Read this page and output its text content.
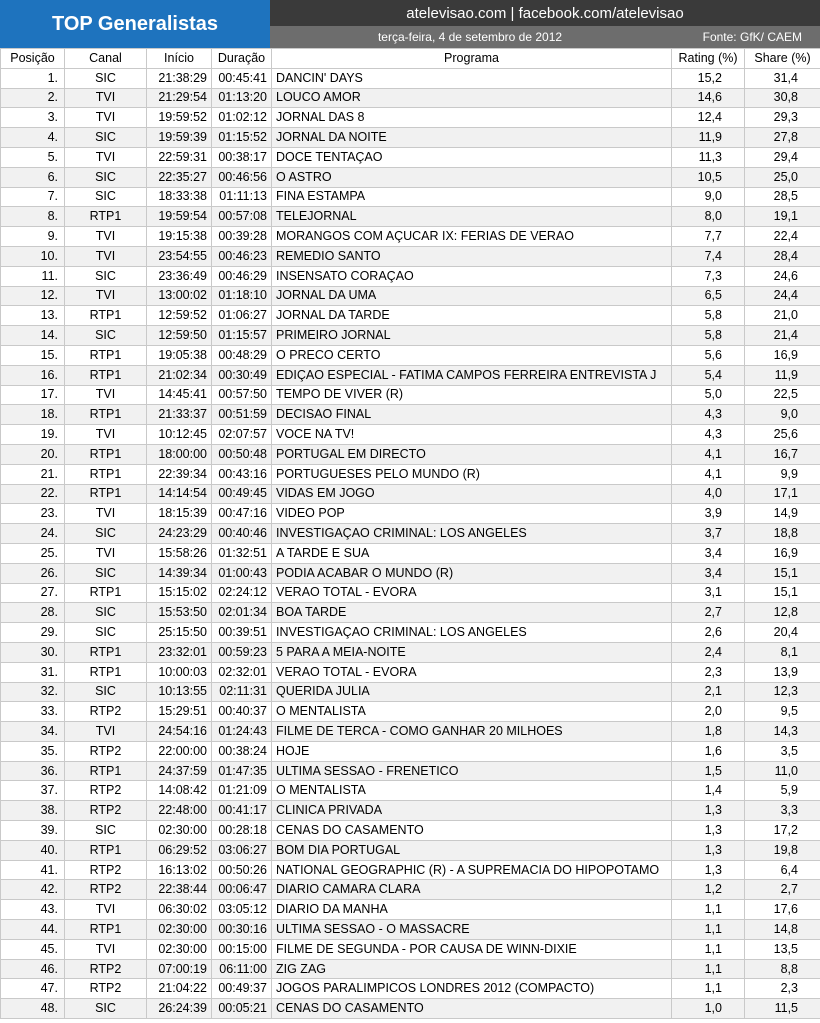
TOP Generalistas	atelevisao.com | facebook.com/atelevisao
terça-feira, 4 de setembro de 2012	Fonte: GfK/ CAEM
Posição	Canal	Início	Duração	Programa	Rating (%)	Share (%)
1.	SIC	21:38:29	00:45:41	DANCIN' DAYS	15,2	31,4
2.	TVI	21:29:54	01:13:20	LOUCO AMOR	14,6	30,8
3.	TVI	19:59:52	01:02:12	JORNAL DAS 8	12,4	29,3
4.	SIC	19:59:39	01:15:52	JORNAL DA NOITE	11,9	27,8
5.	TVI	22:59:31	00:38:17	DOCE TENTAÇAO	11,3	29,4
6.	SIC	22:35:27	00:46:56	O ASTRO	10,5	25,0
7.	SIC	18:33:38	01:11:13	FINA ESTAMPA	9,0	28,5
8.	RTP1	19:59:54	00:57:08	TELEJORNAL	8,0	19,1
9.	TVI	19:15:38	00:39:28	MORANGOS COM AÇUCAR IX: FERIAS DE VERAO	7,7	22,4
10.	TVI	23:54:55	00:46:23	REMEDIO SANTO	7,4	28,4
11.	SIC	23:36:49	00:46:29	INSENSATO CORAÇAO	7,3	24,6
12.	TVI	13:00:02	01:18:10	JORNAL DA UMA	6,5	24,4
13.	RTP1	12:59:52	01:06:27	JORNAL DA TARDE	5,8	21,0
14.	SIC	12:59:50	01:15:57	PRIMEIRO JORNAL	5,8	21,4
15.	RTP1	19:05:38	00:48:29	O PRECO CERTO	5,6	16,9
16.	RTP1	21:02:34	00:30:49	EDIÇAO ESPECIAL - FATIMA CAMPOS FERREIRA ENTREVISTA J	5,4	11,9
17.	TVI	14:45:41	00:57:50	TEMPO DE VIVER (R)	5,0	22,5
18.	RTP1	21:33:37	00:51:59	DECISAO FINAL	4,3	9,0
19.	TVI	10:12:45	02:07:57	VOCE NA TV!	4,3	25,6
20.	RTP1	18:00:00	00:50:48	PORTUGAL EM DIRECTO	4,1	16,7
21.	RTP1	22:39:34	00:43:16	PORTUGUESES PELO MUNDO (R)	4,1	9,9
22.	RTP1	14:14:54	00:49:45	VIDAS EM JOGO	4,0	17,1
23.	TVI	18:15:39	00:47:16	VIDEO POP	3,9	14,9
24.	SIC	24:23:29	00:40:46	INVESTIGAÇAO CRIMINAL: LOS ANGELES	3,7	18,8
25.	TVI	15:58:26	01:32:51	A TARDE E SUA	3,4	16,9
26.	SIC	14:39:34	01:00:43	PODIA ACABAR O MUNDO (R)	3,4	15,1
27.	RTP1	15:15:02	02:24:12	VERAO TOTAL - EVORA	3,1	15,1
28.	SIC	15:53:50	02:01:34	BOA TARDE	2,7	12,8
29.	SIC	25:15:50	00:39:51	INVESTIGAÇAO CRIMINAL: LOS ANGELES	2,6	20,4
30.	RTP1	23:32:01	00:59:23	5 PARA A MEIA-NOITE	2,4	8,1
31.	RTP1	10:00:03	02:32:01	VERAO TOTAL - EVORA	2,3	13,9
32.	SIC	10:13:55	02:11:31	QUERIDA JULIA	2,1	12,3
33.	RTP2	15:29:51	00:40:37	O MENTALISTA	2,0	9,5
34.	TVI	24:54:16	01:24:43	FILME DE TERCA - COMO GANHAR 20 MILHOES	1,8	14,3
35.	RTP2	22:00:00	00:38:24	HOJE	1,6	3,5
36.	RTP1	24:37:59	01:47:35	ULTIMA SESSAO - FRENETICO	1,5	11,0
37.	RTP2	14:08:42	01:21:09	O MENTALISTA	1,4	5,9
38.	RTP2	22:48:00	00:41:17	CLINICA PRIVADA	1,3	3,3
39.	SIC	02:30:00	00:28:18	CENAS DO CASAMENTO	1,3	17,2
40.	RTP1	06:29:52	03:06:27	BOM DIA PORTUGAL	1,3	19,8
41.	RTP2	16:13:02	00:50:26	NATIONAL GEOGRAPHIC (R) - A SUPREMACIA DO HIPOPOTAMO	1,3	6,4
42.	RTP2	22:38:44	00:06:47	DIARIO CAMARA CLARA	1,2	2,7
43.	TVI	06:30:02	03:05:12	DIARIO DA MANHA	1,1	17,6
44.	RTP1	02:30:00	00:30:16	ULTIMA SESSAO - O MASSACRE	1,1	14,8
45.	TVI	02:30:00	00:15:00	FILME DE SEGUNDA - POR CAUSA DE WINN-DIXIE	1,1	13,5
46.	RTP2	07:00:19	06:11:00	ZIG ZAG	1,1	8,8
47.	RTP2	21:04:22	00:49:37	JOGOS PARALIMPICOS LONDRES 2012 (COMPACTO)	1,1	2,3
48.	SIC	26:24:39	00:05:21	CENAS DO CASAMENTO	1,0	11,5
